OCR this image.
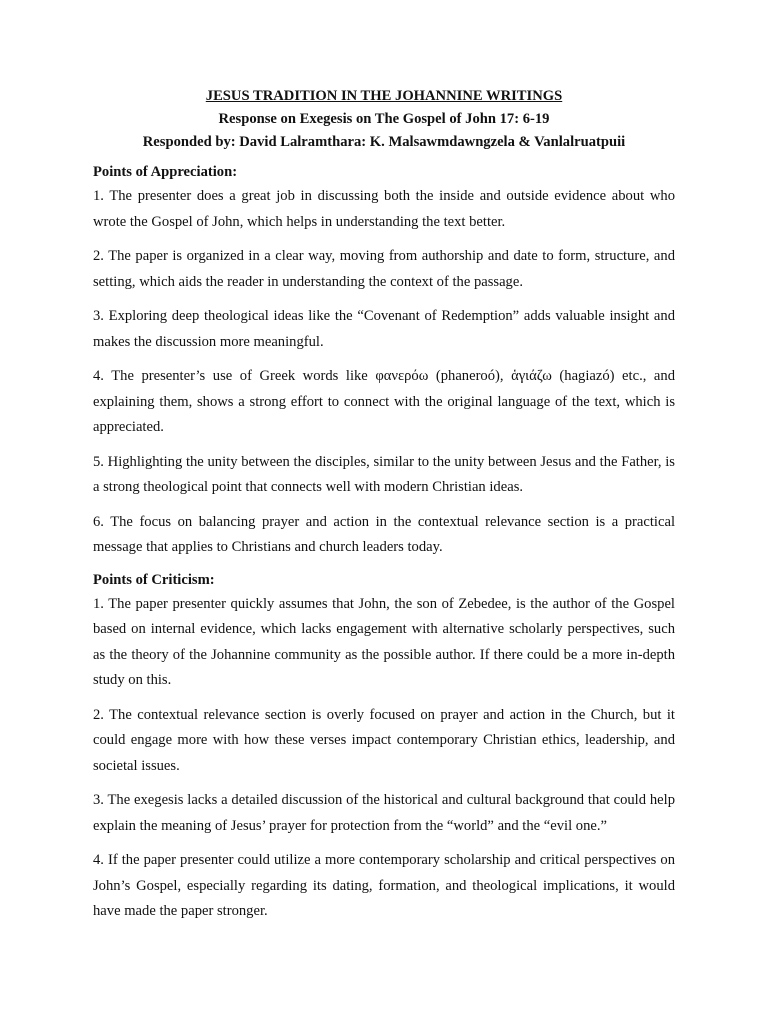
JESUS TRADITION IN THE JOHANNINE WRITINGS

Response on Exegesis on The Gospel of John 17: 6-19

Responded by: David Lalramthara: K. Malsawmdawngzela & Vanlalruatpuii

Points of Appreciation:

1. The presenter does a great job in discussing both the inside and outside evidence about who wrote the Gospel of John, which helps in understanding the text better.

2. The paper is organized in a clear way, moving from authorship and date to form, structure, and setting, which aids the reader in understanding the context of the passage.

3. Exploring deep theological ideas like the “Covenant of Redemption” adds valuable insight and makes the discussion more meaningful.

4. The presenter’s use of Greek words like φανερόω (phaneroó), ἁγιάζω (hagiazó) etc., and explaining them, shows a strong effort to connect with the original language of the text, which is appreciated.

5. Highlighting the unity between the disciples, similar to the unity between Jesus and the Father, is a strong theological point that connects well with modern Christian ideas.

6. The focus on balancing prayer and action in the contextual relevance section is a practical message that applies to Christians and church leaders today.

Points of Criticism:

1. The paper presenter quickly assumes that John, the son of Zebedee, is the author of the Gospel based on internal evidence, which lacks engagement with alternative scholarly perspectives, such as the theory of the Johannine community as the possible author. If there could be a more in-depth study on this.

2. The contextual relevance section is overly focused on prayer and action in the Church, but it could engage more with how these verses impact contemporary Christian ethics, leadership, and societal issues.

3. The exegesis lacks a detailed discussion of the historical and cultural background that could help explain the meaning of Jesus’ prayer for protection from the “world” and the “evil one.”

4. If the paper presenter could utilize a more contemporary scholarship and critical perspectives on John’s Gospel, especially regarding its dating, formation, and theological implications, it would have made the paper stronger.
